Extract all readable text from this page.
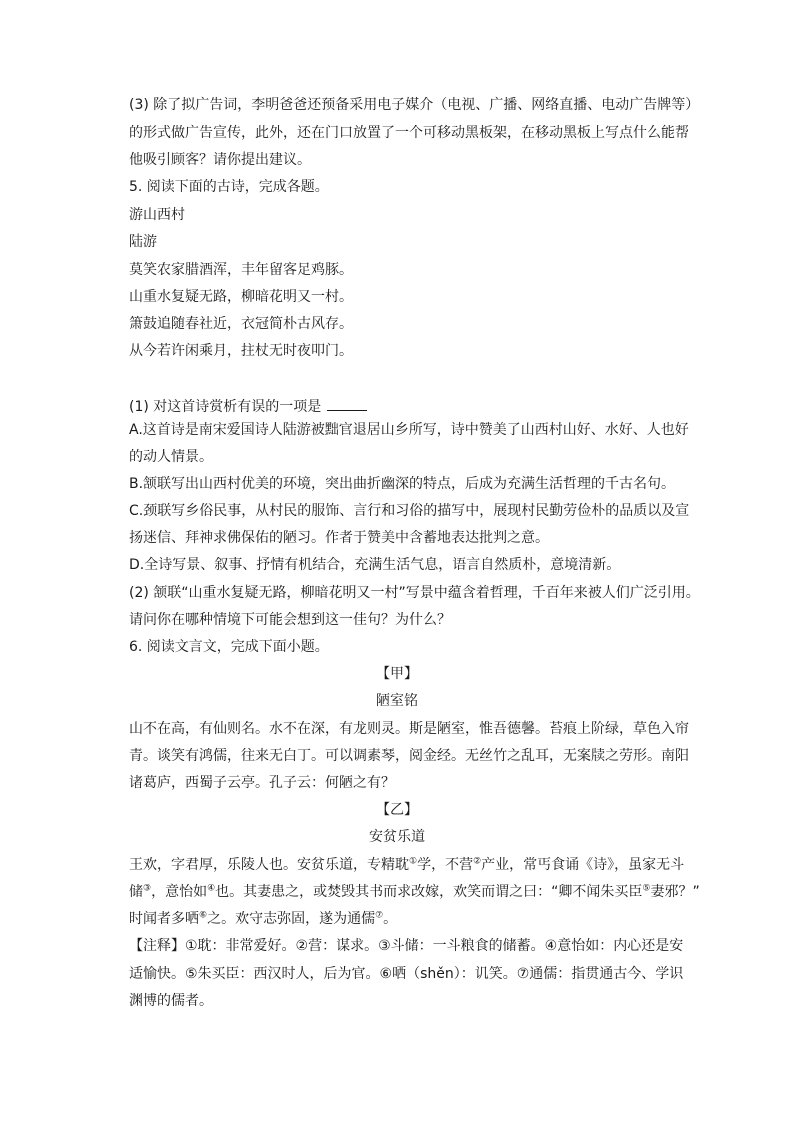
(3) 除了拟广告词，李明爸爸还预备采用电子媒介（电视、广播、网络直播、电动广告牌等）
的形式做广告宣传，此外，还在门口放置了一个可移动黑板架，在移动黑板上写点什么能帮
他吸引顾客？请你提出建议。
5. 阅读下面的古诗，完成各题。
游山西村
陆游
莫笑农家腊酒浑，丰年留客足鸡豚。
山重水复疑无路，柳暗花明又一村。
箫鼓追随春社近，衣冠简朴古风存。
从今若许闲乘月，拄杖无时夜叩门。
(1) 对这首诗赏析有误的一项是
A.这首诗是南宋爱国诗人陆游被黜官退居山乡所写，诗中赞美了山西村山好、水好、人也好
的动人情景。
B.颔联写出山西村优美的环境，突出曲折幽深的特点，后成为充满生活哲理的千古名句。
C.颈联写乡俗民事，从村民的服饰、言行和习俗的描写中，展现村民勤劳俭朴的品质以及宣
扬迷信、拜神求佛保佑的陋习。作者于赞美中含蓄地表达批判之意。
D.全诗写景、叙事、抒情有机结合，充满生活气息，语言自然质朴，意境清新。
(2) 颔联“山重水复疑无路，柳暗花明又一村”写景中蕴含着哲理，千百年来被人们广泛引用。
请问你在哪种情境下可能会想到这一佳句？为什么？
6. 阅读文言文，完成下面小题。
【甲】
陋室铭
山不在高，有仙则名。水不在深，有龙则灵。斯是陋室，惟吾德馨。苔痕上阶绿，草色入帘
青。谈笑有鸿儒，往来无白丁。可以调素琴，阅金经。无丝竹之乱耳，无案牍之劳形。南阳
诸葛庐，西蜀子云亭。孔子云：何陋之有？
【乙】
安贫乐道
王欢，字君厚，乐陵人也。安贫乐道，专精耽①学，不营②产业，常丐食诵《诗》，虽家无斗
储③，意怡如④也。其妻患之，或焚毁其书而求改嫁，欢笑而谓之曰：“卿不闻朱买臣⑤妻邪？”
时闻者多哂⑥之。欢守志弥固，遂为通儒⑦。
【注释】①耽：非常爱好。②营：谋求。③斗储：一斗粮食的储蓄。④意怡如：内心还是安
适愉快。⑤朱买臣：西汉时人，后为官。⑥哂（shěn）：讥笑。⑦通儒：指贯通古今、学识
渊博的儒者。
